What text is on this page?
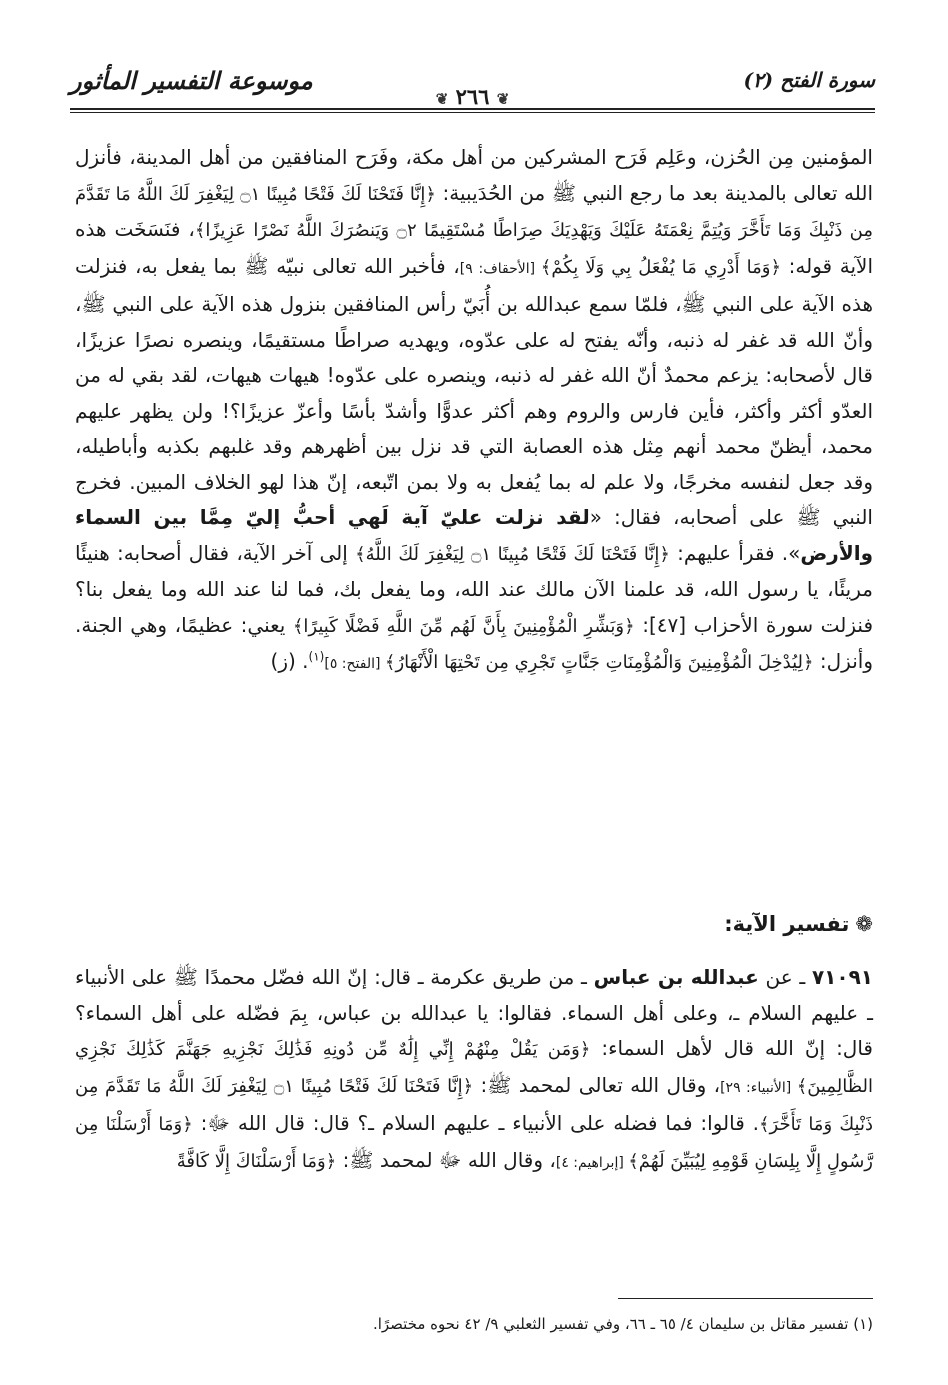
موسوعة التفسير المأثور
❦ ٢٦٦ ❦
سورة الفتح (٢)

المؤمنين مِن الحُزن، وعَلِم فَرَح المشركين من أهل مكة، وفَرَح المنافقين من أهل المدينة، فأنزل الله تعالى بالمدينة بعد ما رجع النبي ﷺ من الحُدَيبية: ﴿إِنَّا فَتَحْنَا لَكَ فَتْحًا مُبِينًا ۝١ لِيَغْفِرَ لَكَ اللَّهُ مَا تَقَدَّمَ مِن ذَنْبِكَ وَمَا تَأَخَّرَ وَيُتِمَّ نِعْمَتَهُ عَلَيْكَ وَيَهْدِيَكَ صِرَاطًا مُسْتَقِيمًا ۝٢ وَيَنصُرَكَ اللَّهُ نَصْرًا عَزِيزًا﴾، فنَسَخَت هذه الآية قوله: ﴿وَمَا أَدْرِي مَا يُفْعَلُ بِي وَلَا بِكُمْ﴾ [الأحقاف: ٩]، فأخبر الله تعالى نبيّه ﷺ بما يفعل به، فنزلت هذه الآية على النبي ﷺ، فلمّا سمع عبدالله بن أُبَيّ رأس المنافقين بنزول هذه الآية على النبي ﷺ، وأنّ الله قد غفر له ذنبه، وأنّه يفتح له على عدّوه، ويهديه صراطًا مستقيمًا، وينصره نصرًا عزيزًا، قال لأصحابه: يزعم محمدٌ أنّ الله غفر له ذنبه، وينصره على عدّوه! هيهات هيهات، لقد بقي له من العدّو أكثر وأكثر، فأين فارس والروم وهم أكثر عدوًّا وأشدّ بأسًا وأعزّ عزيزًا؟! ولن يظهر عليهم محمد، أيظنّ محمد أنهم مِثل هذه العصابة التي قد نزل بين أظهرهم وقد غلبهم بكذبه وأباطيله، وقد جعل لنفسه مخرجًا، ولا علم له بما يُفعل به ولا بمن اتّبعه، إنّ هذا لهو الخلاف المبين. فخرج النبي ﷺ على أصحابه، فقال: «لقد نزلت عليّ آية لَهي أحبُّ إليّ مِمَّا بين السماء والأرض». فقرأ عليهم: ﴿إِنَّا فَتَحْنَا لَكَ فَتْحًا مُبِينًا ۝١ لِيَغْفِرَ لَكَ اللَّهُ﴾ إلى آخر الآية، فقال أصحابه: هنيئًا مريئًا، يا رسول الله، قد علمنا الآن مالك عند الله، وما يفعل بك، فما لنا عند الله وما يفعل بنا؟ فنزلت سورة الأحزاب [٤٧]: ﴿وَبَشِّرِ الْمُؤْمِنِينَ بِأَنَّ لَهُم مِّنَ اللَّهِ فَضْلًا كَبِيرًا﴾ يعني: عظيمًا، وهي الجنة. وأنزل: ﴿لِيُدْخِلَ الْمُؤْمِنِينَ وَالْمُؤْمِنَاتِ جَنَّاتٍ تَجْرِي مِن تَحْتِهَا الْأَنْهَارُ﴾ [الفتح: ٥]$^{(١)}$. (ز)

❁تفسير الآية:

٧١٠٩١ ـ عن عبدالله بن عباس ـ من طريق عكرمة ـ قال: إنّ الله فضّل محمدًا ﷺ على الأنبياء ـ عليهم السلام ـ، وعلى أهل السماء. فقالوا: يا عبدالله بن عباس، بِمَ فضّله على أهل السماء؟ قال: إنّ الله قال لأهل السماء: ﴿وَمَن يَقُلْ مِنْهُمْ إِنِّي إِلَٰهٌ مِّن دُونِهِ فَذَٰلِكَ نَجْزِيهِ جَهَنَّمَ كَذَٰلِكَ نَجْزِي الظَّالِمِينَ﴾ [الأنبياء: ٢٩]، وقال الله تعالى لمحمد ﷺ: ﴿إِنَّا فَتَحْنَا لَكَ فَتْحًا مُبِينًا ۝١ لِيَغْفِرَ لَكَ اللَّهُ مَا تَقَدَّمَ مِن ذَنْبِكَ وَمَا تَأَخَّرَ﴾. قالوا: فما فضله على الأنبياء ـ عليهم السلام ـ؟ قال: قال الله ﷻ: ﴿وَمَا أَرْسَلْنَا مِن رَّسُولٍ إِلَّا بِلِسَانِ قَوْمِهِ لِيُبَيِّنَ لَهُمْ﴾ [إبراهيم: ٤]، وقال الله ﷻ لمحمد ﷺ: ﴿وَمَا أَرْسَلْنَاكَ إِلَّا كَافَّةً

(١) تفسير مقاتل بن سليمان ٤/ ٦٥ ـ ٦٦، وفي تفسير الثعلبي ٩/ ٤٢ نحوه مختصرًا.
